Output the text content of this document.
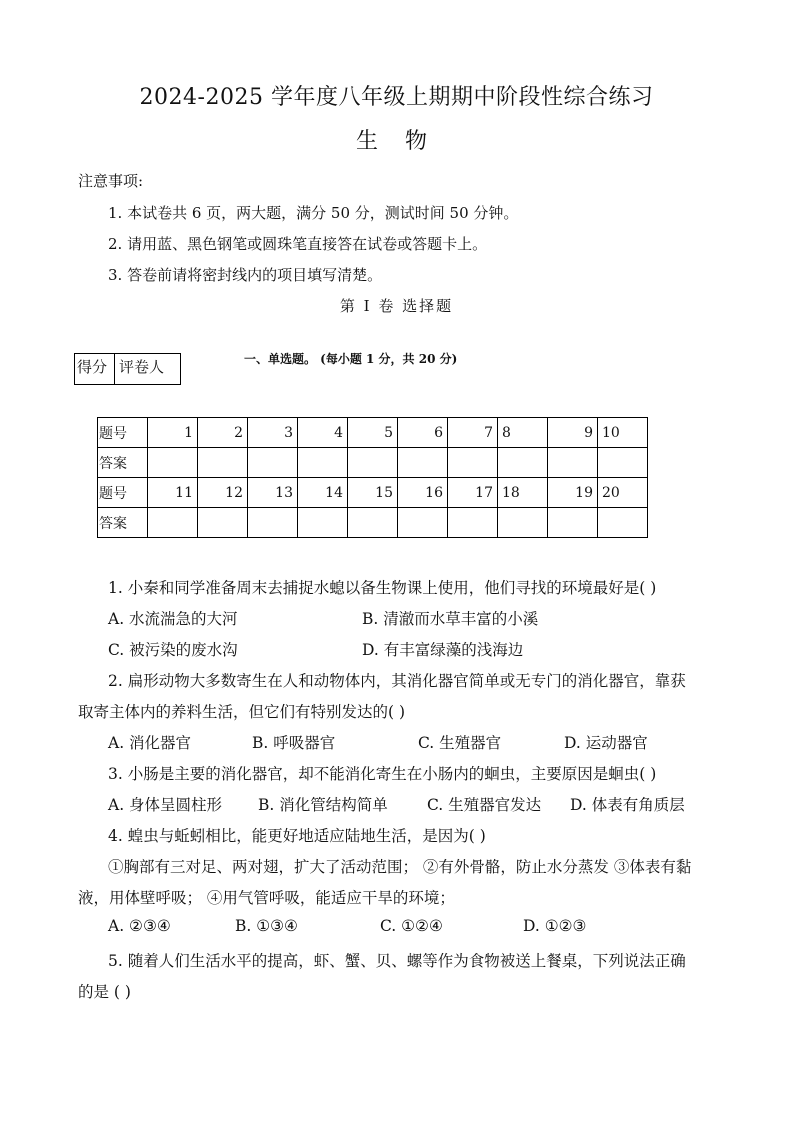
2024-2025 学年度八年级上期期中阶段性综合练习
生 物
注意事项:
1. 本试卷共 6 页，两大题，满分 50 分，测试时间 50 分钟。
2. 请用蓝、黑色钢笔或圆珠笔直接答在试卷或答题卡上。
3. 答卷前请将密封线内的项目填写清楚。
第 Ⅰ 卷 选择题
得分 评卷人	一、单选题。 (每小题 1 分，共 20 分)
题号	1	2	3	4	5	6	7	8	9	10
答案										
题号	11	12	13	14	15	16	17	18	19	20
答案										
1. 小秦和同学准备周末去捕捉水螅以备生物课上使用，他们寻找的环境最好是( )
A. 水流湍急的大河	B. 清澈而水草丰富的小溪
C. 被污染的废水沟	D. 有丰富绿藻的浅海边
2. 扁形动物大多数寄生在人和动物体内，其消化器官简单或无专门的消化器官，靠获
取寄主体内的养料生活，但它们有特别发达的( )
A. 消化器官	B. 呼吸器官	C. 生殖器官	D. 运动器官
3. 小肠是主要的消化器官，却不能消化寄生在小肠内的蛔虫，主要原因是蛔虫( )
A. 身体呈圆柱形 B. 消化管结构简单	C. 生殖器官发达 D. 体表有角质层
4. 蝗虫与蚯蚓相比，能更好地适应陆地生活，是因为( )
①胸部有三对足、两对翅，扩大了活动范围； ②有外骨骼，防止水分蒸发 ③体表有黏
液，用体壁呼吸； ④用气管呼吸，能适应干旱的环境；
A. ②③④	B. ①③④	C. ①②④	D. ①②③
5. 随着人们生活水平的提高，虾、蟹、贝、螺等作为食物被送上餐桌，下列说法正确
的是 ( )
